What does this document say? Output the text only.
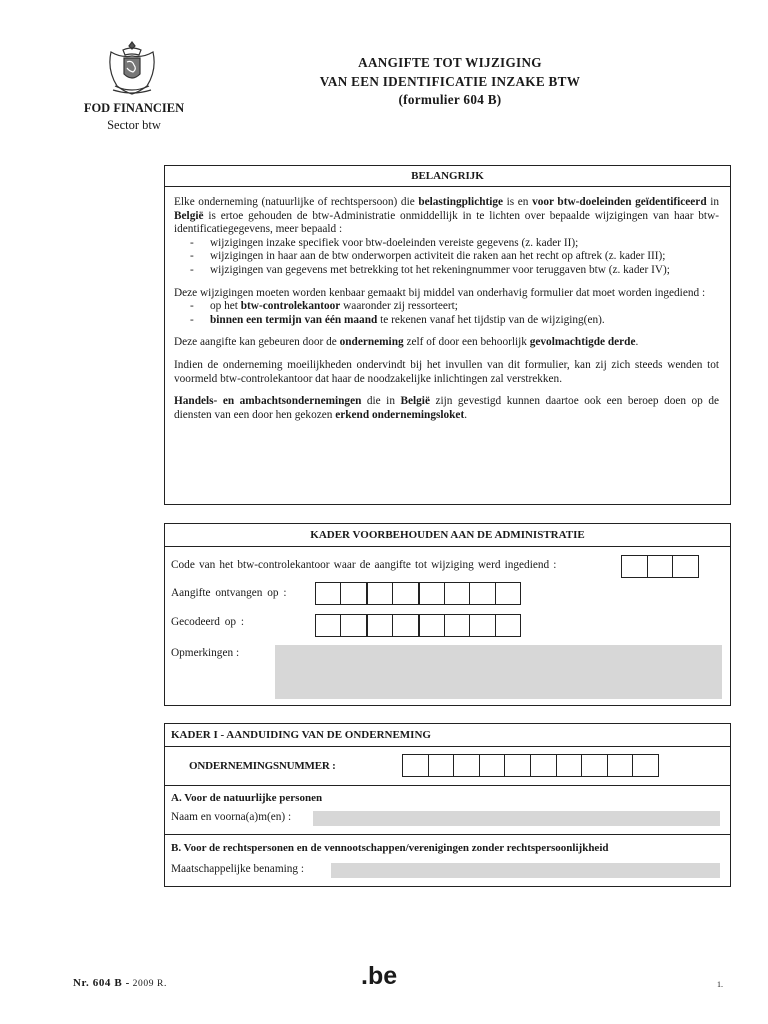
FOD FINANCIEN
Sector btw
AANGIFTE TOT WIJZIGING
VAN EEN IDENTIFICATIE INZAKE BTW
(formulier 604 B)
BELANGRIJK
Elke onderneming (natuurlijke of rechtspersoon) die belastingplichtige is en voor btw-doeleinden geïdentificeerd in België is ertoe gehouden de btw-Administratie onmiddellijk in te lichten over bepaalde wijzigingen van haar btw-identificatiegegevens, meer bepaald :
- wijzigingen inzake specifiek voor btw-doeleinden vereiste gegevens (z. kader II);
- wijzigingen in haar aan de btw onderworpen activiteit die raken aan het recht op aftrek (z. kader III);
- wijzigingen van gegevens met betrekking tot het rekeningnummer voor teruggaven btw (z. kader IV);
Deze wijzigingen moeten worden kenbaar gemaakt bij middel van onderhavig formulier dat moet worden ingediend :
- op het btw-controlekantoor waaronder zij ressorteert;
- binnen een termijn van één maand te rekenen vanaf het tijdstip van de wijziging(en).
Deze aangifte kan gebeuren door de onderneming zelf of door een behoorlijk gevolmachtigde derde.
Indien de onderneming moeilijkheden ondervindt bij het invullen van dit formulier, kan zij zich steeds wenden tot voormeld btw-controlekantoor dat haar de noodzakelijke inlichtingen zal verstrekken.
Handels- en ambachtsondernemingen die in België zijn gevestigd kunnen daartoe ook een beroep doen op de diensten van een door hen gekozen erkend ondernemingsloket.
KADER VOORBEHOUDEN AAN DE ADMINISTRATIE
Code van het btw-controlekantoor waar de aangifte tot wijziging werd ingediend :
Aangifte ontvangen op :
Gecodeerd op :
Opmerkingen :
KADER I - AANDUIDING VAN DE ONDERNEMING
ONDERNEMINGSNUMMER :
A. Voor de natuurlijke personen
Naam en voorna(a)m(en) :
B. Voor de rechtspersonen en de vennootschappen/verenigingen zonder rechtspersoonlijkheid
Maatschappelijke benaming :
Nr. 604 B - 2009 R.	.be	1.
